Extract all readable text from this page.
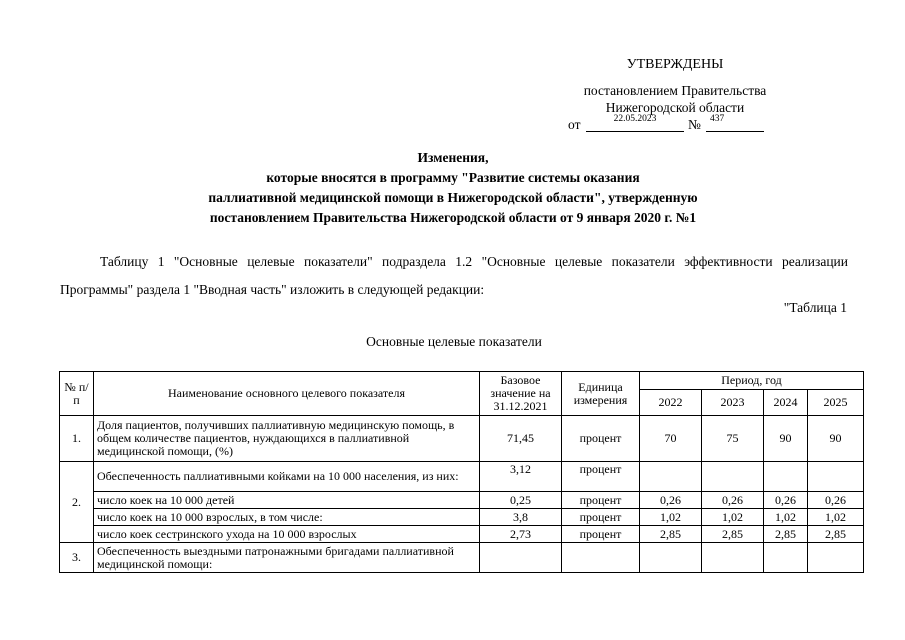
УТВЕРЖДЕНЫ
постановлением Правительства
Нижегородской области
от	22.05.2023	№ 437
Изменения,
которые вносятся в программу "Развитие системы оказания
паллиативной медицинской помощи в Нижегородской области", утвержденную
постановлением Правительства Нижегородской области от 9 января 2020 г. №1
Таблицу 1 "Основные целевые показатели" подраздела 1.2 "Основные целевые показатели эффективности реализации Программы" раздела 1 "Вводная часть" изложить в следующей редакции:
"Таблица 1
Основные целевые показатели
№ п/п	Наименование основного целевого показателя	Базовое значение на 31.12.2021	Единица измерения	Период, год			
				2022	2023	2024	2025
1.	Доля пациентов, получивших паллиативную медицинскую помощь, в общем количестве пациентов, нуждающихся в паллиативной медицинской помощи, (%)	71,45	процент	70	75	90	90
2.	Обеспеченность паллиативными койками на 10 000 населения, из них:	3,12	процент				
	число коек на 10 000 детей	0,25	процент	0,26	0,26	0,26	0,26
	число коек на 10 000 взрослых, в том числе:	3,8	процент	1,02	1,02	1,02	1,02
	число коек сестринского ухода на 10 000 взрослых	2,73	процент	2,85	2,85	2,85	2,85
3.	Обеспеченность выездными патронажными бригадами паллиативной медицинской помощи:						
